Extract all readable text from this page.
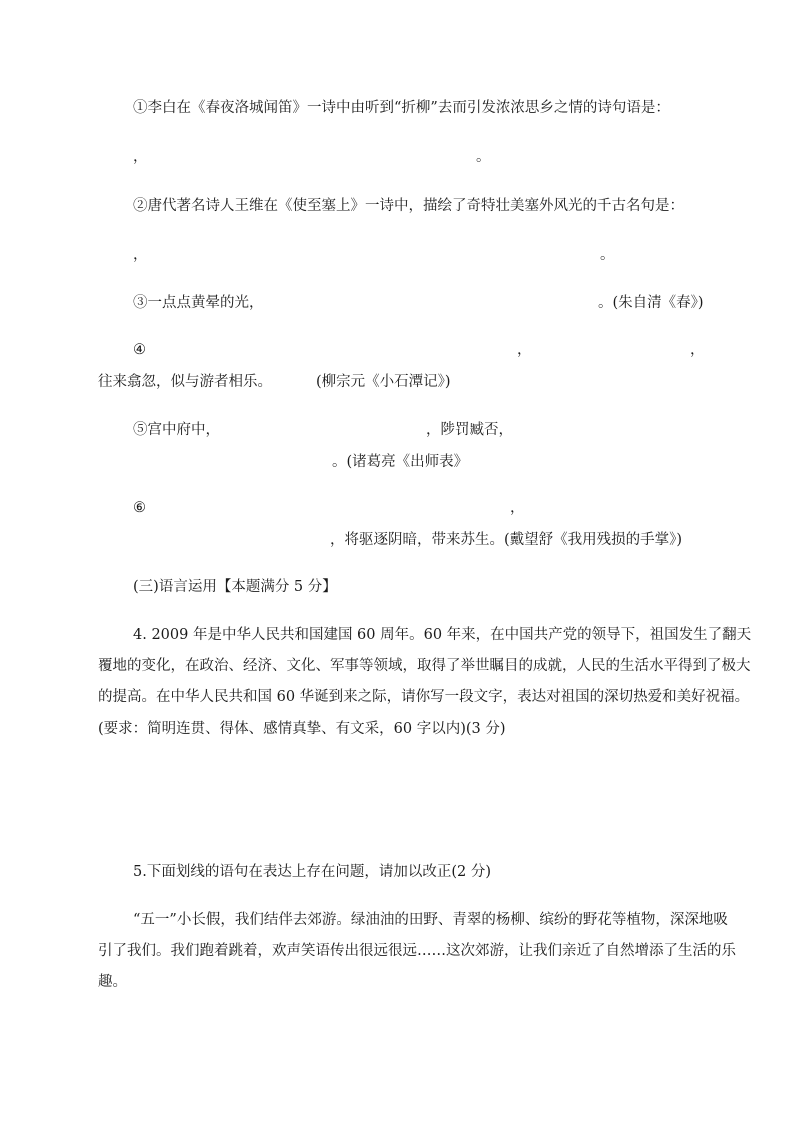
①李白在《春夜洛城闻笛》一诗中由听到“折柳”去而引发浓浓思乡之情的诗句语是：
，	。
②唐代著名诗人王维在《使至塞上》一诗中，描绘了奇特壮美塞外风光的千古名句是：
，	。
③一点点黄晕的光，	。(朱自清《春》)
④	，	，
往来翕忽，似与游者相乐。	(柳宗元《小石潭记》)
⑤宫中府中，	，陟罚臧否，
。(诸葛亮《出师表》
⑥	，
，将驱逐阴暗，带来苏生。(戴望舒《我用残损的手掌》)
(三)语言运用【本题满分 5 分】
4. 2009 年是中华人民共和国建国 60 周年。60 年来，在中国共产党的领导下，祖国发生了翻天
覆地的变化，在政治、经济、文化、军事等领域，取得了举世瞩目的成就，人民的生活水平得到了极大
的提高。在中华人民共和国 60 华诞到来之际，请你写一段文字，表达对祖国的深切热爱和美好祝福。
(要求：简明连贯、得体、感情真挚、有文采，60 字以内)(3 分)
5.下面划线的语句在表达上存在问题，请加以改正(2 分)
“五一”小长假，我们结伴去郊游。绿油油的田野、青翠的杨柳、缤纷的野花等植物，深深地吸
引了我们。我们跑着跳着，欢声笑语传出很远很远……这次郊游，让我们亲近了自然增添了生活的乐
趣。
